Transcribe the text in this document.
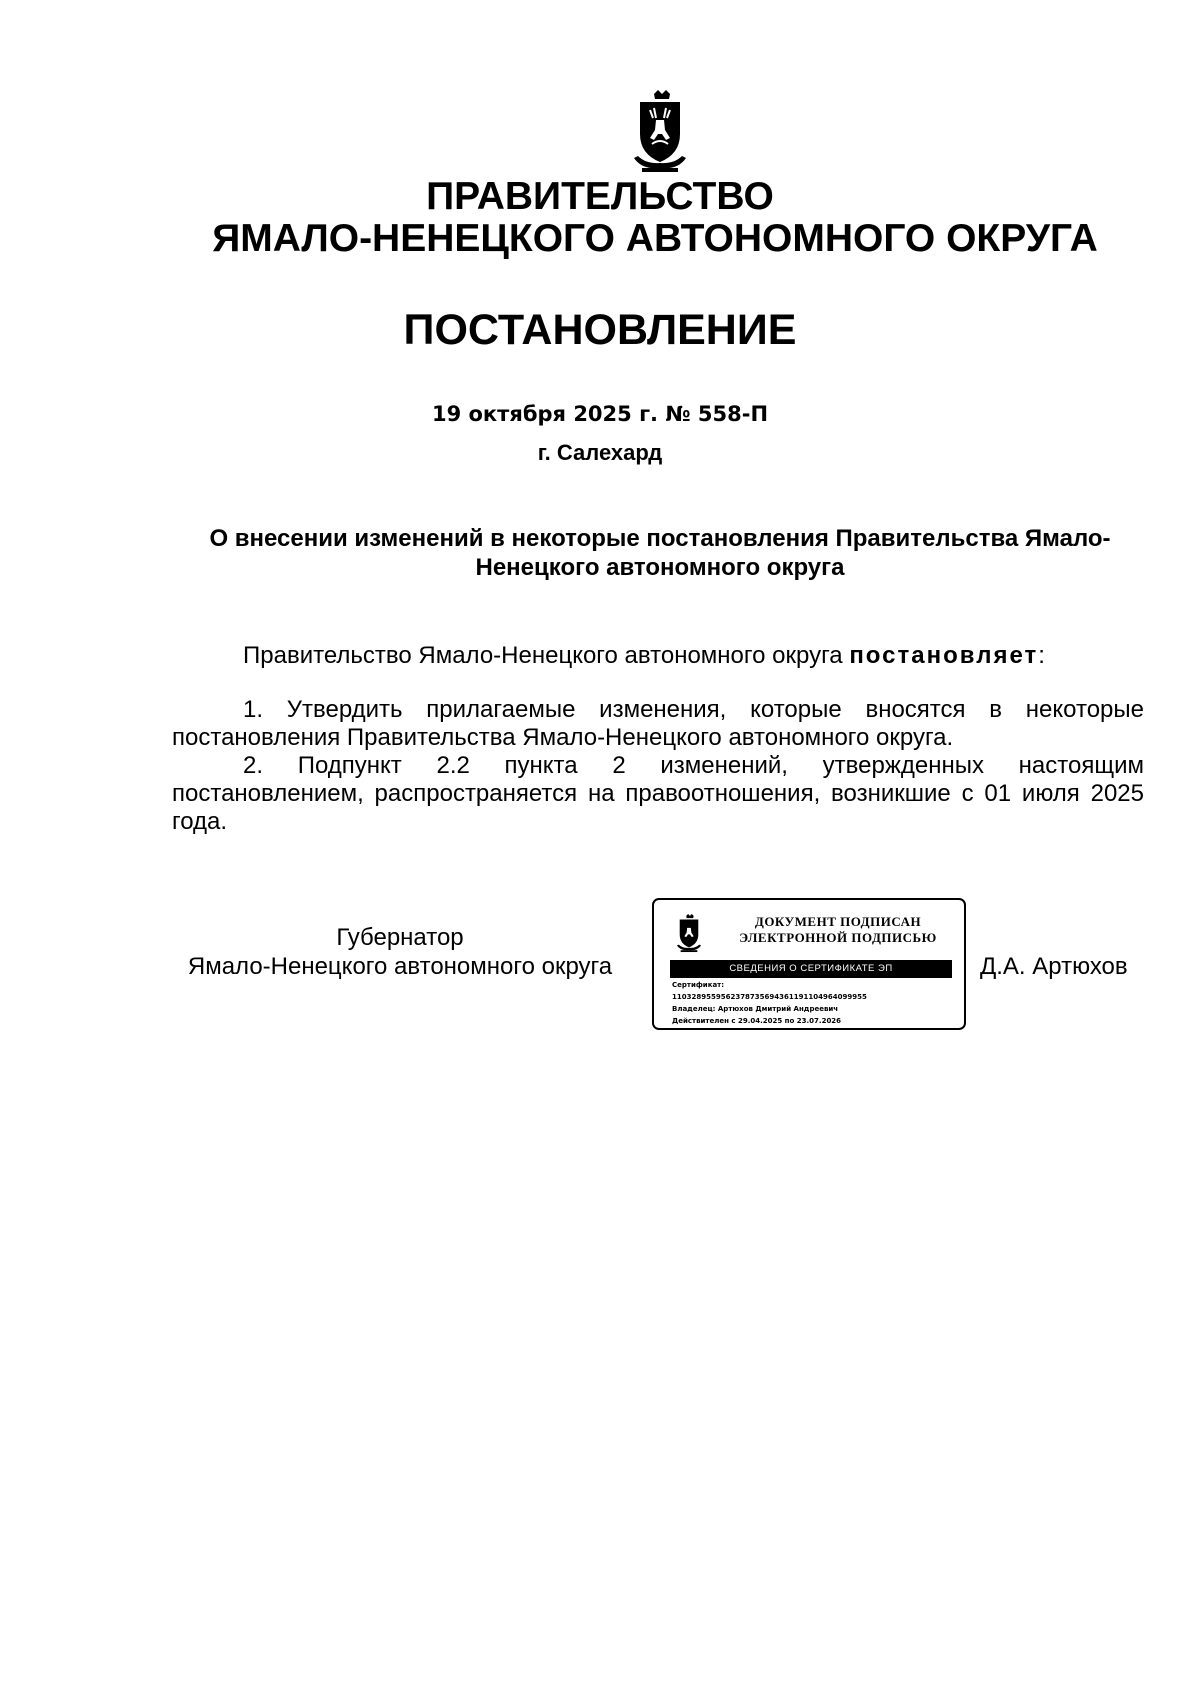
ПРАВИТЕЛЬСТВО
ЯМАЛО-НЕНЕЦКОГО АВТОНОМНОГО ОКРУГА
ПОСТАНОВЛЕНИЕ
19 октября 2025 г. № 558-П
г. Салехард
О внесении изменений в некоторые постановления Правительства Ямало-Ненецкого автономного округа
Правительство Ямало-Ненецкого автономного округа постановляет:
1. Утвердить прилагаемые изменения, которые вносятся в некоторые постановления Правительства Ямало-Ненецкого автономного округа.
2. Подпункт 2.2 пункта 2 изменений, утвержденных настоящим постановлением, распространяется на правоотношения, возникшие с 01 июля 2025 года.
Губернатор
Ямало-Ненецкого автономного округа
ДОКУМЕНТ ПОДПИСАН
ЭЛЕКТРОННОЙ ПОДПИСЬЮ
СВЕДЕНИЯ О СЕРТИФИКАТЕ ЭП
Сертификат:
1103289559562378735694361191104964099955
Владелец: Артюхов Дмитрий Андреевич
Действителен с 29.04.2025 по 23.07.2026
Д.А. Артюхов
